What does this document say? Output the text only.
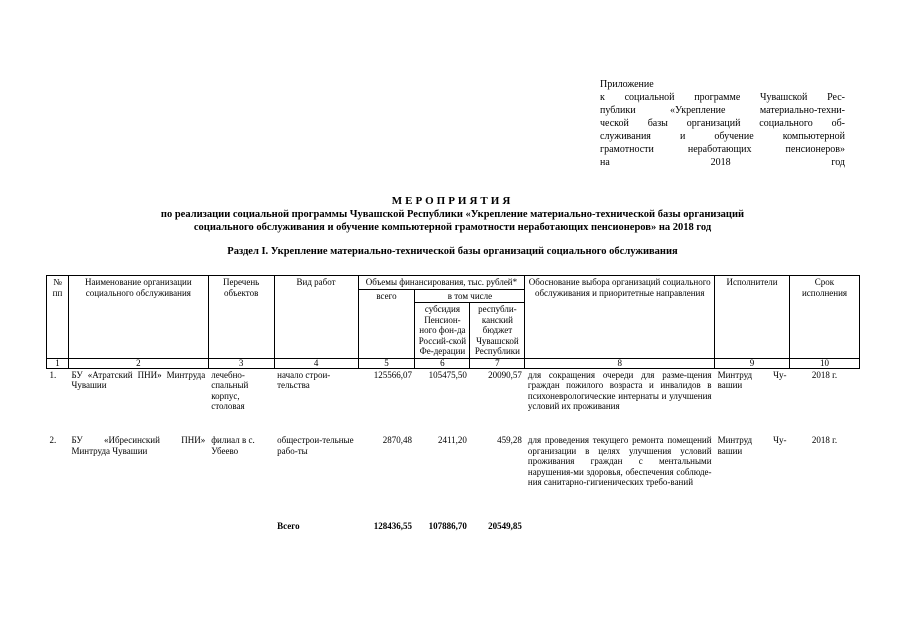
Приложение
к социальной программе Чувашской Рес-
публики «Укрепление материально-техни-
ческой базы организаций социального об-
служивания и обучение компьютерной
грамотности неработающих пенсионеров»
на 2018 год
МЕРОПРИЯТИЯ
по реализации социальной программы Чувашской Республики «Укрепление материально-технической базы организаций
социального обслуживания и обучение компьютерной грамотности неработающих пенсионеров» на 2018 год
Раздел I. Укрепление материально-технической базы организаций социального обслуживания
№ пп	Наименование организации социального обслуживания	Перечень объектов	Вид работ	Объемы финансирования, тыс. рублей*			Обоснование выбора организаций социального обслуживания и приоритетные направления	Исполнители	Срок исполнения
				всего	в том числе				
					субсидия Пенсион-ного фон-да Россий-ской Фе-дерации	республи-канский бюджет Чувашской Республики			
1	2	3	4	5	6	7	8	9	10
1.	БУ «Атратский ПНИ» Минтруда Чувашии	лечебно-спальный корпус, столовая	начало строи-тельства	125566,07	105475,50	20090,57	для сокращения очереди для разме-щения граждан пожилого возраста и инвалидов в психоневрологические интернаты и улучшения условий их проживания	Минтруд Чу-вашии	2018 г.
2.	БУ «Ибресинский ПНИ» Минтруда Чувашии	филиал в с. Убеево	общестрои-тельные рабо-ты	2870,48	2411,20	459,28	для проведения текущего ремонта помещений организации в целях улучшения условий проживания граждан с ментальными нарушения-ми здоровья, обеспечения соблюде-ния санитарно-гигиенических требо-ваний	Минтруд Чу-вашии	2018 г.
			Всего	128436,55	107886,70	20549,85			
